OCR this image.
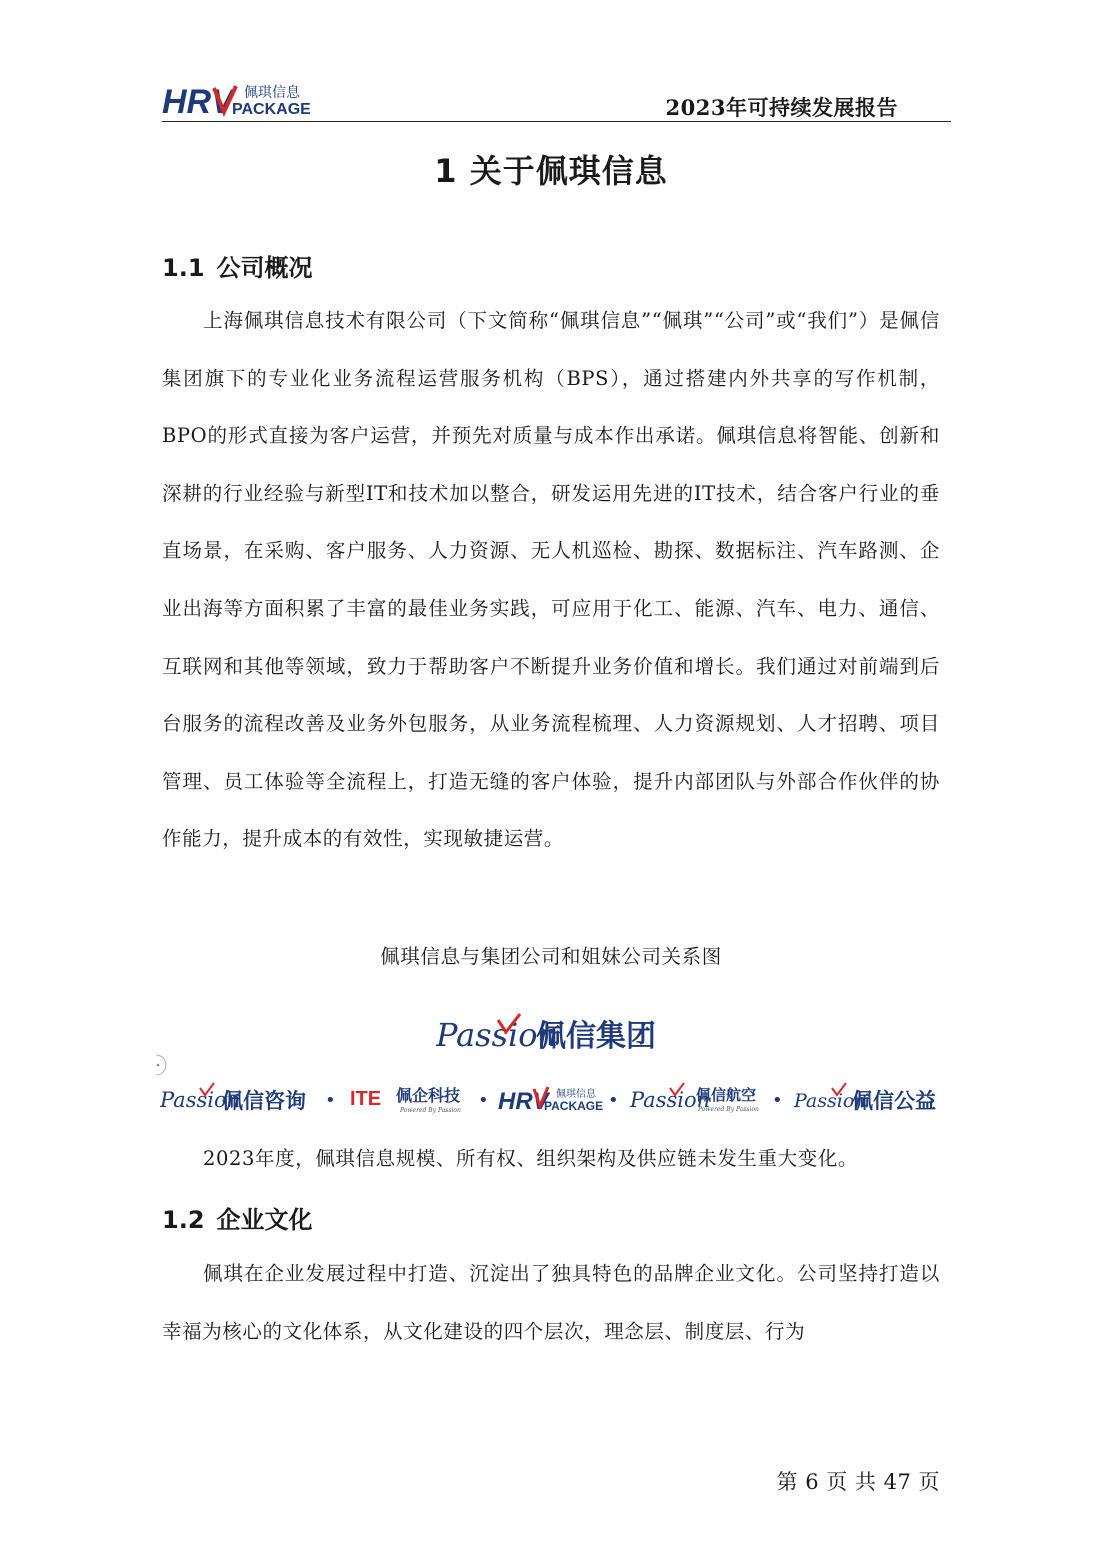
HRV 佩琪信息
PACKAGE	2023年可持续发展报告
1 关于佩琪信息
1.1 公司概况
上海佩琪信息技术有限公司（下文简称“佩琪信息”“佩琪”“公司”或“我们”）是佩信集团旗下的专业化业务流程运营服务机构（BPS），通过搭建内外共享的写作机制，BPO的形式直接为客户运营，并预先对质量与成本作出承诺。佩琪信息将智能、创新和深耕的行业经验与新型IT和技术加以整合，研发运用先进的IT技术，结合客户行业的垂直场景，在采购、客户服务、人力资源、无人机巡检、勘探、数据标注、汽车路测、企业出海等方面积累了丰富的最佳业务实践，可应用于化工、能源、汽车、电力、通信、互联网和其他等领域，致力于帮助客户不断提升业务价值和增长。我们通过对前端到后台服务的流程改善及业务外包服务，从业务流程梳理、人力资源规划、人才招聘、项目管理、员工体验等全流程上，打造无缝的客户体验，提升内部团队与外部合作伙伴的协作能力，提升成本的有效性，实现敏捷运营。
佩琪信息与集团公司和姐妹公司关系图
Passion
佩信集团
Passion
佩信咨询 • ITE 佩企科技
Powered By Passion • HRV 佩琪信息
PACKAGE • Passion
佩信航空
Powered By Passion • Passion
佩信公益
2023年度，佩琪信息规模、所有权、组织架构及供应链未发生重大变化。
1.2 企业文化
佩琪在企业发展过程中打造、沉淀出了独具特色的品牌企业文化。公司坚持打造以幸福为核心的文化体系，从文化建设的四个层次，理念层、制度层、行为
第 6 页 共 47 页
